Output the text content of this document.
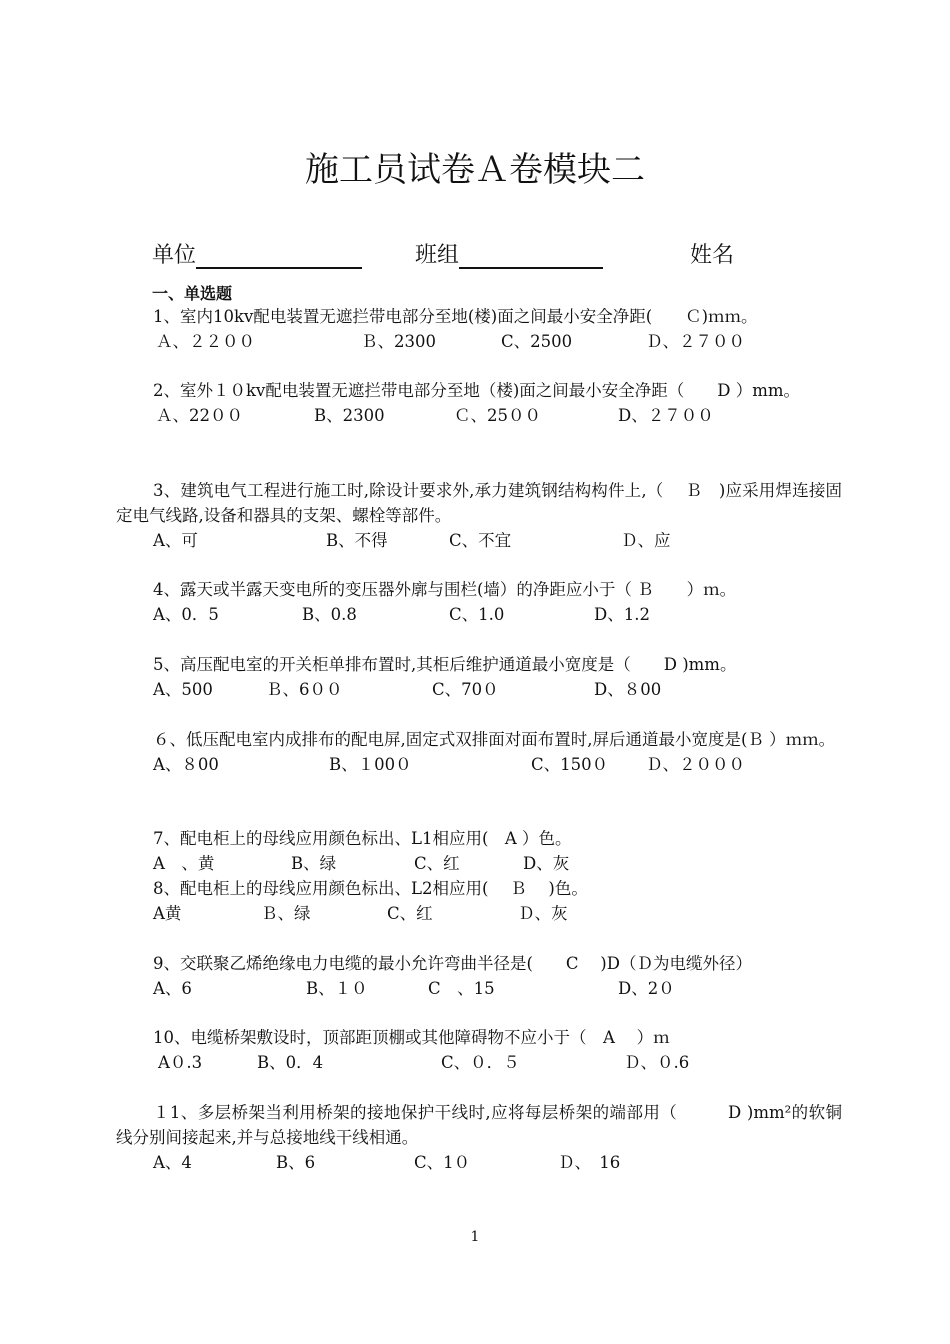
施工员试卷Ａ卷模块二
单位	班组	姓名
一、单选题

1、室内10kv配电装置无遮拦带电部分至地(楼)面之间最小安全净距(　　Ｃ)ｍｍ。

Ａ、２２００	Ｂ、2300	C、2500	Ｄ、２７００

2、室外１０kv配电装置无遮拦带电部分至地（楼)面之间最小安全净距（　　D ）mm。

Ａ、22００	B、2300	Ｃ、25００	D、２７００

3、建筑电气工程进行施工时,除设计要求外,承力建筑钢结构构件上,（　 Ｂ　)应采用焊连接固定电气线路,设备和器具的支架、螺栓等部件。

A、可	B、不得	C、不宜	Ｄ、应

4、露天或半露天变电所的变压器外廓与围栏(墙）的净距应小于（ Ｂ　　）ｍ。

A、0．5	B、0.8	C、1.0	D、1.2

5、高压配电室的开关柜单排布置时,其柜后维护通道最小宽度是（　　D )mm。

A、500	Ｂ、6００	C、70０	D、８00

６、低压配电室内成排布的配电屏,固定式双排面对面布置时,屏后通道最小宽度是(Ｂ ）ｍｍ。

A、８00	B、１00０	C、150０ Ｄ、２０００

7、配电柜上的母线应用颜色标出、L1相应用(　A ）色。

A　、黄	B、绿	C、红	D、灰

8、配电柜上的母线应用颜色标出、L2相应用(　 Ｂ　 )色。

A黄	Ｂ、绿	C、红	Ｄ、灰

9、交联聚乙烯绝缘电力电缆的最小允许弯曲半径是(　　C　 )D（Ｄ为电缆外径）

A、6	B、１０	C　、15	D、2０

10、电缆桥架敷设时，顶部距顶棚或其他障碍物不应小于（　A　 ）ｍ

A０.3	B、0．4	C、０．５	Ｄ、０.6

１1、多层桥架当利用桥架的接地保护干线时,应将每层桥架的端部用（　　　D )mm²的软铜线分别间接起来,并与总接地线干线相通。

A、4	B、6	C、1０	Ｄ、　16
1
